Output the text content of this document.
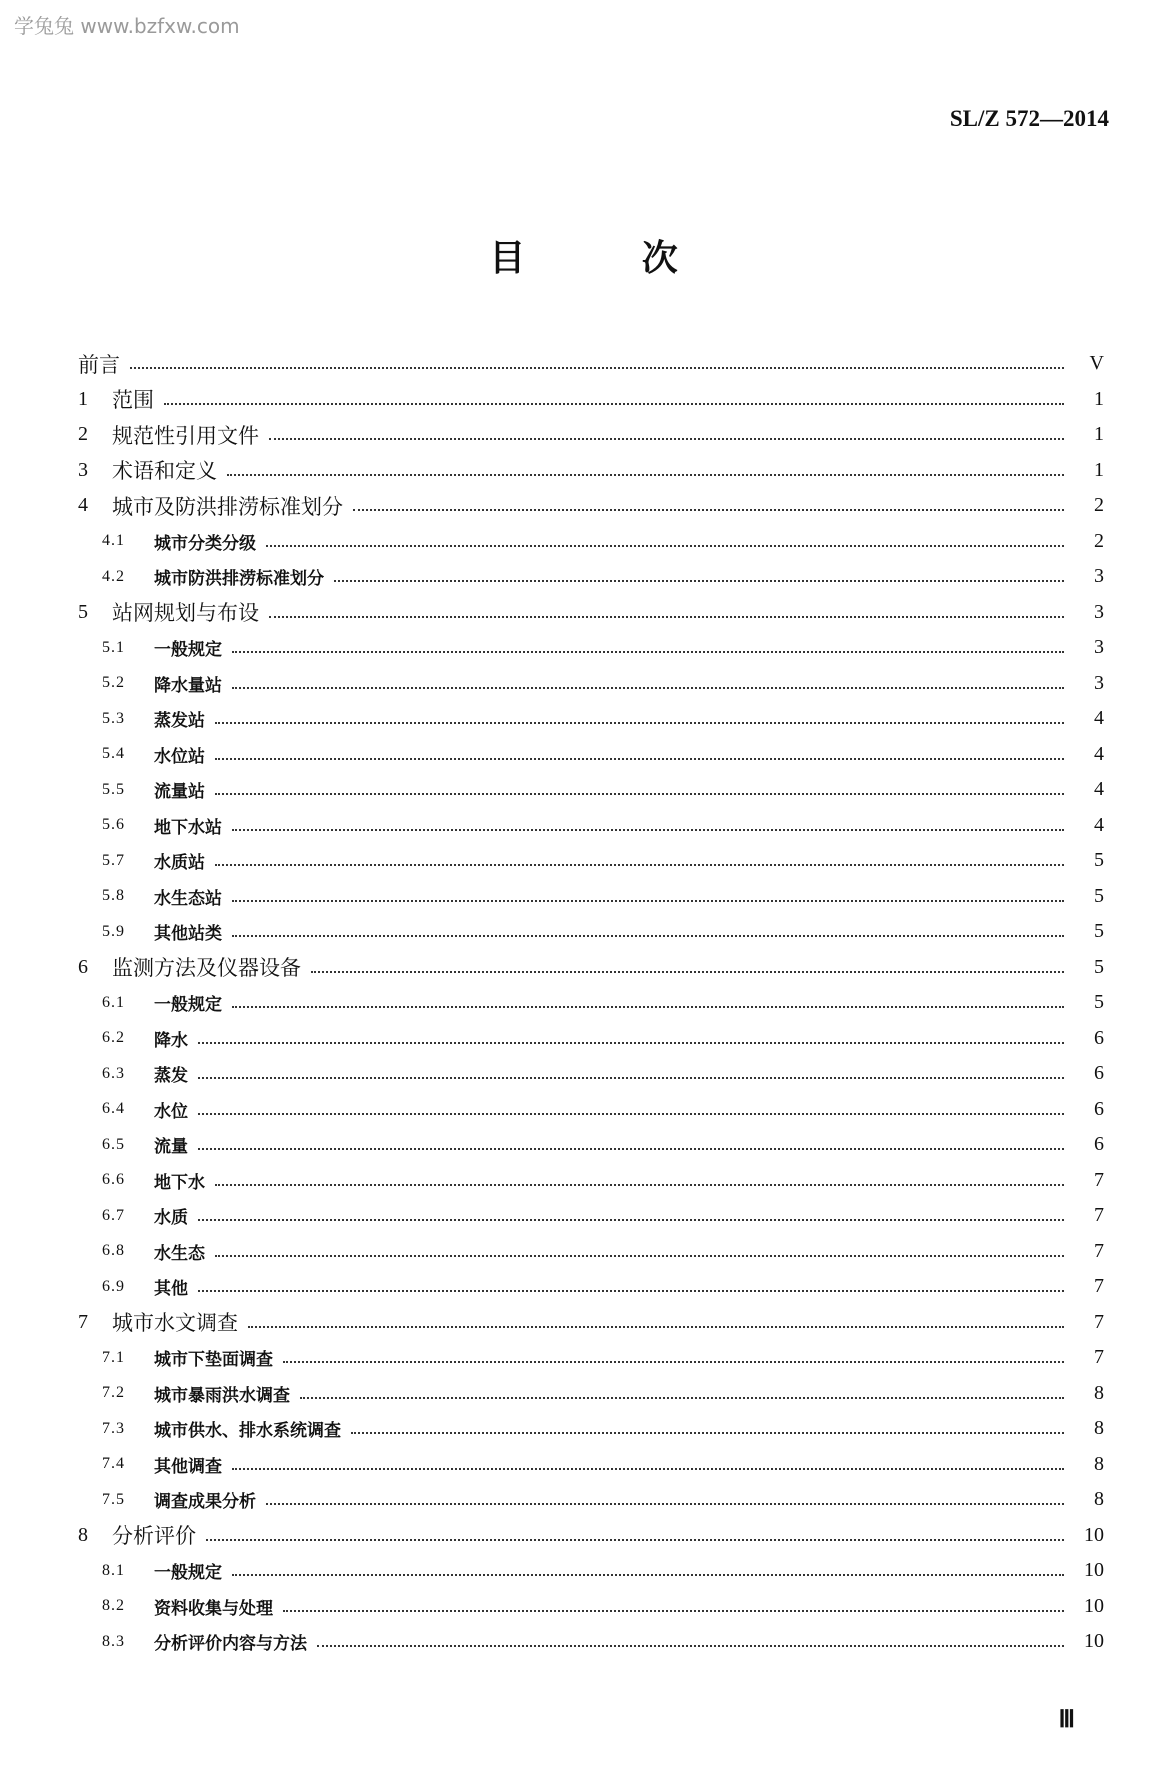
学兔兔 www.bzfxw.com
SL/Z 572—2014
目 次
前言	V
1	范围	1
2	规范性引用文件	1
3	术语和定义	1
4	城市及防洪排涝标准划分	2
4.1	城市分类分级	2
4.2	城市防洪排涝标准划分	3
5	站网规划与布设	3
5.1	一般规定	3
5.2	降水量站	3
5.3	蒸发站	4
5.4	水位站	4
5.5	流量站	4
5.6	地下水站	4
5.7	水质站	5
5.8	水生态站	5
5.9	其他站类	5
6	监测方法及仪器设备	5
6.1	一般规定	5
6.2	降水	6
6.3	蒸发	6
6.4	水位	6
6.5	流量	6
6.6	地下水	7
6.7	水质	7
6.8	水生态	7
6.9	其他	7
7	城市水文调查	7
7.1	城市下垫面调查	7
7.2	城市暴雨洪水调查	8
7.3	城市供水、排水系统调查	8
7.4	其他调查	8
7.5	调查成果分析	8
8	分析评价	10
8.1	一般规定	10
8.2	资料收集与处理	10
8.3	分析评价内容与方法	10
Ⅲ
